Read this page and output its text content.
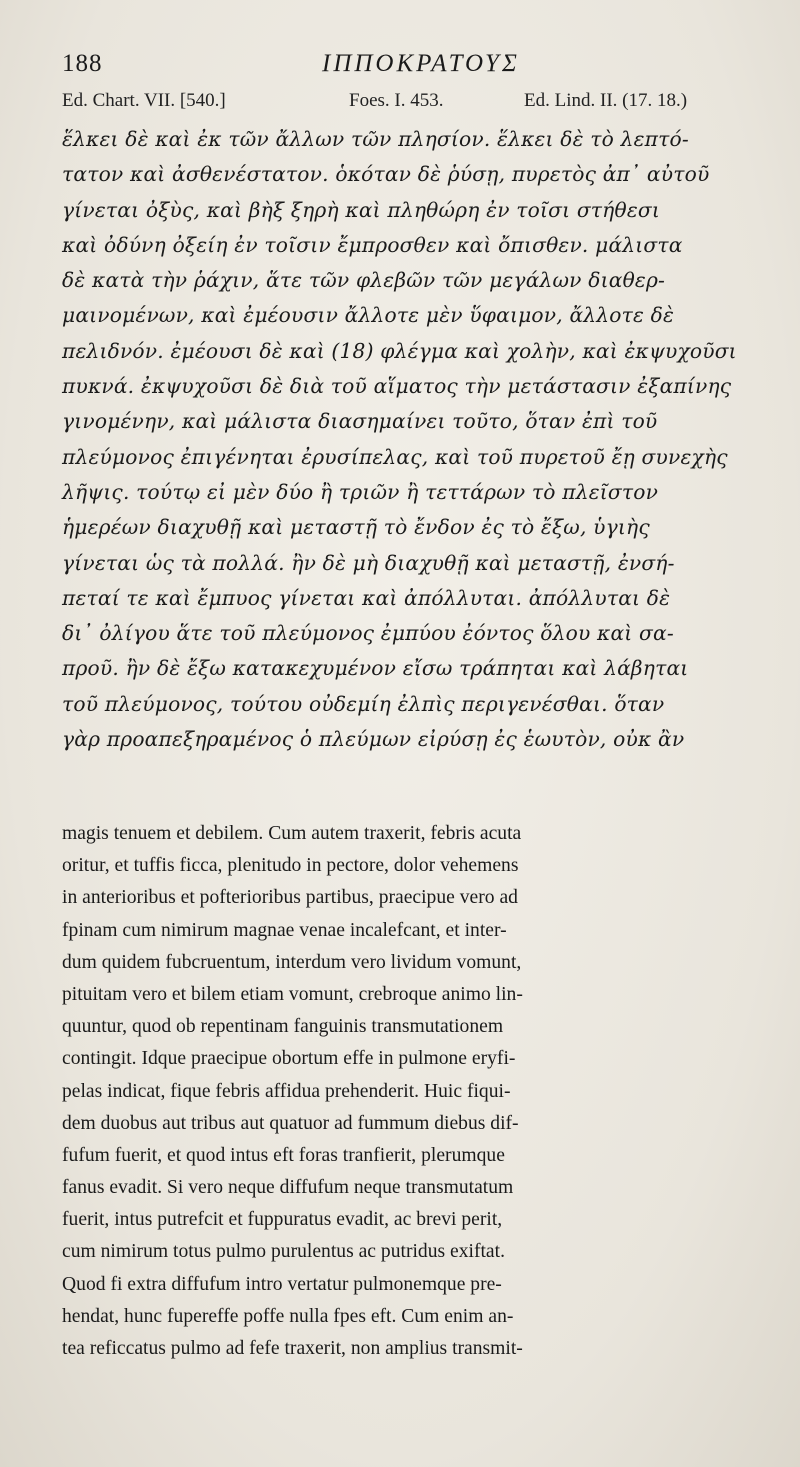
188	ΙΠΠΟΚΡΑΤΟΥΣ
Ed. Chart. VII. [540.]	Foes. I. 453.	Ed. Lind. II. (17. 18.)
ἕλκει δὲ καὶ ἐκ τῶν ἄλλων τῶν πλησίον. ἕλκει δὲ τὸ λεπτό-
τατον καὶ ἀσθενέστατον. ὁκόταν δὲ ῥύσῃ, πυρετὸς ἀπ᾽ αὐτοῦ
γίνεται ὀξὺς, καὶ βὴξ ξηρὴ καὶ πληθώρη ἐν τοῖσι στήθεσι
καὶ ὀδύνη ὀξείη ἐν τοῖσιν ἔμπροσθεν καὶ ὄπισθεν. μάλιστα
δὲ κατὰ τὴν ῥάχιν, ἅτε τῶν φλεβῶν τῶν μεγάλων διαθερ-
μαινομένων, καὶ ἐμέουσιν ἄλλοτε μὲν ὕφαιμον, ἄλλοτε δὲ
πελιδνόν. ἐμέουσι δὲ καὶ (18) φλέγμα καὶ χολὴν, καὶ ἐκψυχοῦσι
πυκνά. ἐκψυχοῦσι δὲ διὰ τοῦ αἵματος τὴν μετάστασιν ἐξαπίνης
γινομένην, καὶ μάλιστα διασημαίνει τοῦτο, ὅταν ἐπὶ τοῦ
πλεύμονος ἐπιγένηται ἐρυσίπελας, καὶ τοῦ πυρετοῦ ἔῃ συνεχὴς
λῆψις. τούτῳ εἰ μὲν δύο ἢ τριῶν ἢ τεττάρων τὸ πλεῖστον
ἡμερέων διαχυθῇ καὶ μεταστῇ τὸ ἔνδον ἐς τὸ ἔξω, ὑγιὴς
γίνεται ὡς τὰ πολλά. ἢν δὲ μὴ διαχυθῇ καὶ μεταστῇ, ἐνσή-
πεταί τε καὶ ἔμπυος γίνεται καὶ ἀπόλλυται. ἀπόλλυται δὲ
δι᾽ ὀλίγου ἅτε τοῦ πλεύμονος ἐμπύου ἐόντος ὅλου καὶ σα-
προῦ. ἢν δὲ ἔξω κατακεχυμένον εἴσω τράπηται καὶ λάβηται
τοῦ πλεύμονος, τούτου οὐδεμίη ἐλπὶς περιγενέσθαι. ὅταν
γὰρ προαπεξηραμένος ὁ πλεύμων εἰρύσῃ ἐς ἑωυτὸν, οὐκ ἂν
magis tenuem et debilem. Cum autem traxerit, febris acuta
oritur, et tuffis ficca, plenitudo in pectore, dolor vehemens
in anterioribus et pofterioribus partibus, praecipue vero ad
fpinam cum nimirum magnae venae incalefcant, et inter-
dum quidem fubcruentum, interdum vero lividum vomunt,
pituitam vero et bilem etiam vomunt, crebroque animo lin-
quuntur, quod ob repentinam fanguinis transmutationem
contingit. Idque praecipue obortum effe in pulmone eryfi-
pelas indicat, fique febris affidua prehenderit. Huic fiqui-
dem duobus aut tribus aut quatuor ad fummum diebus dif-
fufum fuerit, et quod intus eft foras tranfierit, plerumque
fanus evadit. Si vero neque diffufum neque transmutatum
fuerit, intus putrefcit et fuppuratus evadit, ac brevi perit,
cum nimirum totus pulmo purulentus ac putridus exiftat.
Quod fi extra diffufum intro vertatur pulmonemque pre-
hendat, hunc fupereffe poffe nulla fpes eft. Cum enim an-
tea reficcatus pulmo ad fefe traxerit, non amplius transmit-
